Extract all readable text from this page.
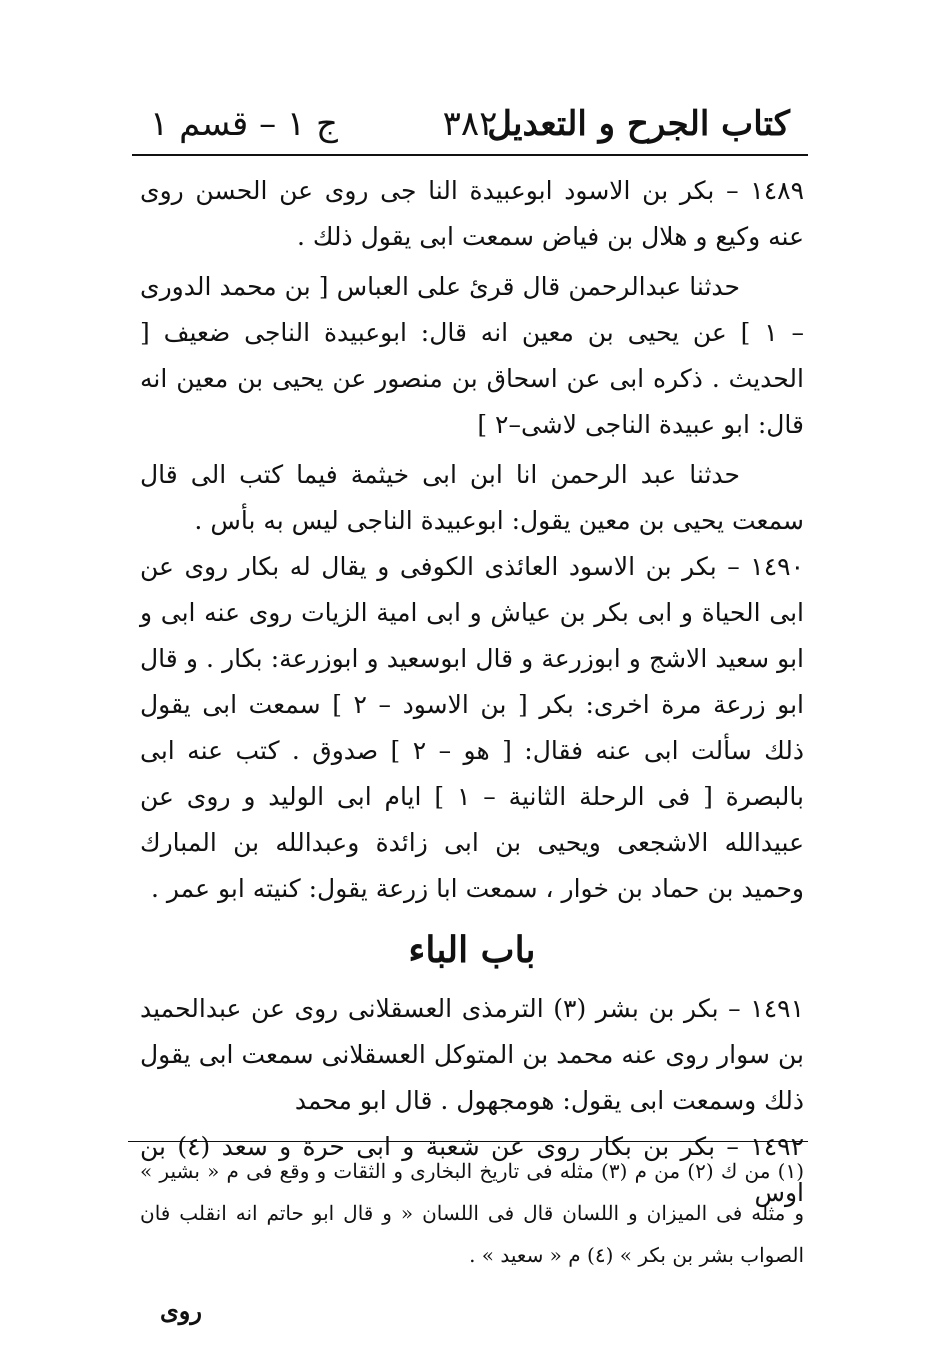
كتاب الجرح و التعديل
٣٨٢
ج ١ – قسم ١

١٤٨٩ – بكر بن الاسود ابوعبيدة النا جى روى عن الحسن روى عنه وكيع و هلال بن فياض سمعت ابى يقول ذلك .

حدثنا عبدالرحمن قال قرئ على العباس [ بن محمد الدورى – ١ ] عن يحيى بن معين انه قال: ابوعبيدة الناجى ضعيف [ الحديث . ذكره ابى عن اسحاق بن منصور عن يحيى بن معين انه قال: ابو عبيدة الناجى لاشى–٢ ]

حدثنا عبد الرحمن انا ابن ابى خيثمة فيما كتب الى قال سمعت يحيى بن معين يقول: ابوعبيدة الناجى ليس به بأس .

١٤٩٠ – بكر بن الاسود العائذى الكوفى و يقال له بكار روى عن ابى الحياة و ابى بكر بن عياش و ابى امية الزيات روى عنه ابى و ابو سعيد الاشج و ابوزرعة و قال ابوسعيد و ابوزرعة: بكار . و قال ابو زرعة مرة اخرى: بكر [ بن الاسود – ٢ ] سمعت ابى يقول ذلك سألت ابى عنه فقال: [ هو – ٢ ] صدوق . كتب عنه ابى بالبصرة [ فى الرحلة الثانية – ١ ] ايام ابى الوليد و روى عن عبيدالله الاشجعى ويحيى بن ابى زائدة وعبدالله بن المبارك وحميد بن حماد بن خوار ، سمعت ابا زرعة يقول: كنيته ابو عمر .

باب الباء

١٤٩١ – بكر بن بشر (٣) الترمذى العسقلانى روى عن عبدالحميد بن سوار روى عنه محمد بن المتوكل العسقلانى سمعت ابى يقول ذلك وسمعت ابى يقول: هومجهول . قال ابو محمد

١٤٩٢ – بكر بن بكار روى عن شعبة و ابى حرة و سعد (٤) بن اوس

(١) من ك (٢) من م (٣) مثله فى تاريخ البخارى و الثقات و وقع فى م « بشير » و مثله فى الميزان و اللسان قال فى اللسان « و قال ابو حاتم انه انقلب فان الصواب بشر بن بكر » (٤) م « سعيد » .

روى
